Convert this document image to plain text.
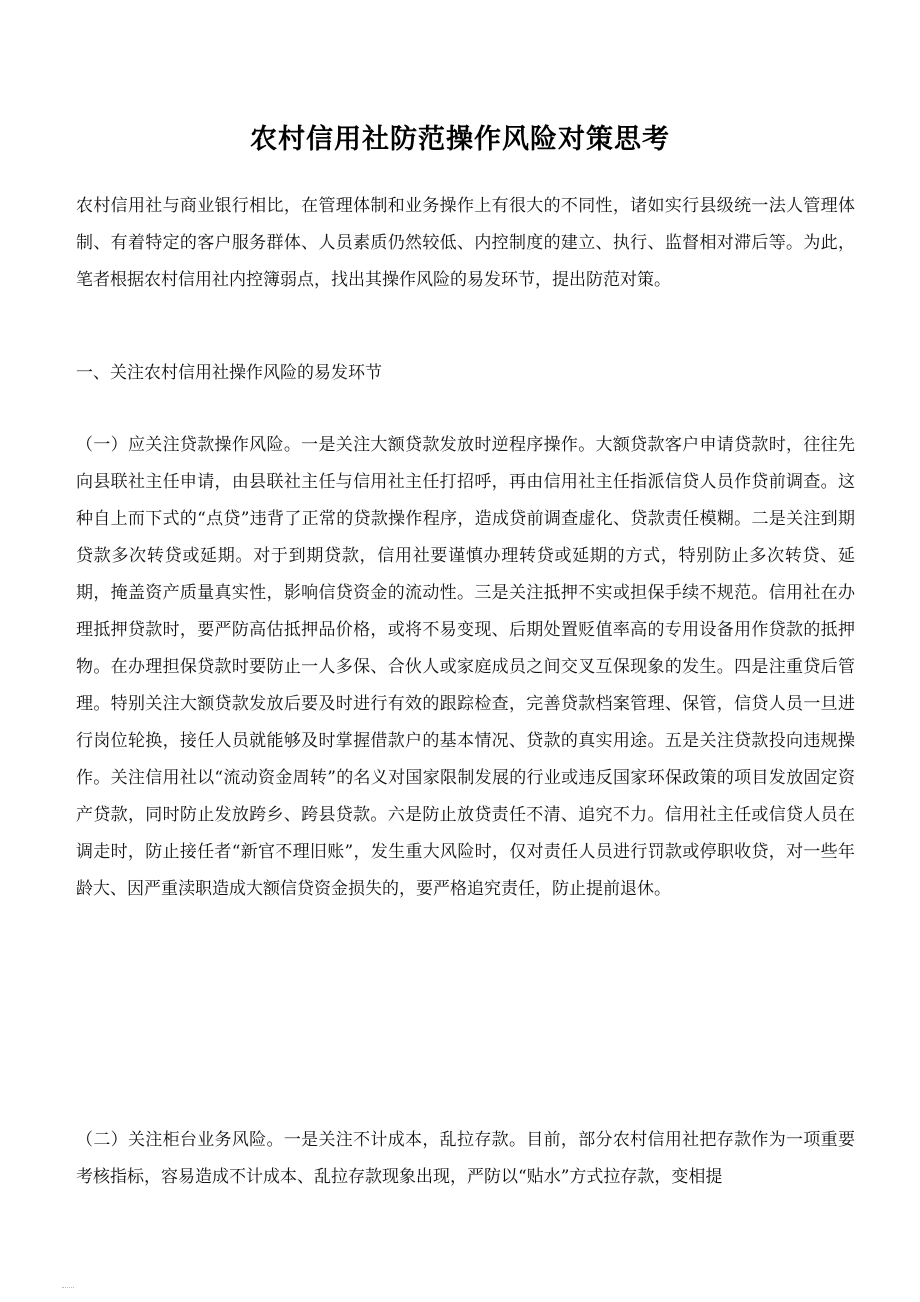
农村信用社防范操作风险对策思考
农村信用社与商业银行相比，在管理体制和业务操作上有很大的不同性，诸如实行县级统一法人管理体制、有着特定的客户服务群体、人员素质仍然较低、内控制度的建立、执行、监督相对滞后等。为此，笔者根据农村信用社内控簿弱点，找出其操作风险的易发环节，提出防范对策。
一、关注农村信用社操作风险的易发环节
（一）应关注贷款操作风险。一是关注大额贷款发放时逆程序操作。大额贷款客户申请贷款时，往往先向县联社主任申请，由县联社主任与信用社主任打招呼，再由信用社主任指派信贷人员作贷前调查。这种自上而下式的“点贷”违背了正常的贷款操作程序，造成贷前调查虚化、贷款责任模糊。二是关注到期贷款多次转贷或延期。对于到期贷款，信用社要谨慎办理转贷或延期的方式，特别防止多次转贷、延期，掩盖资产质量真实性，影响信贷资金的流动性。三是关注抵押不实或担保手续不规范。信用社在办理抵押贷款时，要严防高估抵押品价格，或将不易变现、后期处置贬值率高的专用设备用作贷款的抵押物。在办理担保贷款时要防止一人多保、合伙人或家庭成员之间交叉互保现象的发生。四是注重贷后管理。特别关注大额贷款发放后要及时进行有效的跟踪检查，完善贷款档案管理、保管，信贷人员一旦进行岗位轮换，接任人员就能够及时掌握借款户的基本情况、贷款的真实用途。五是关注贷款投向违规操作。关注信用社以“流动资金周转”的名义对国家限制发展的行业或违反国家环保政策的项目发放固定资产贷款，同时防止发放跨乡、跨县贷款。六是防止放贷责任不清、追究不力。信用社主任或信贷人员在调走时，防止接任者“新官不理旧账”，发生重大风险时，仅对责任人员进行罚款或停职收贷，对一些年龄大、因严重渎职造成大额信贷资金损失的，要严格追究责任，防止提前退休。
（二）关注柜台业务风险。一是关注不计成本，乱拉存款。目前，部分农村信用社把存款作为一项重要考核指标，容易造成不计成本、乱拉存款现象出现，严防以“贴水”方式拉存款，变相提
